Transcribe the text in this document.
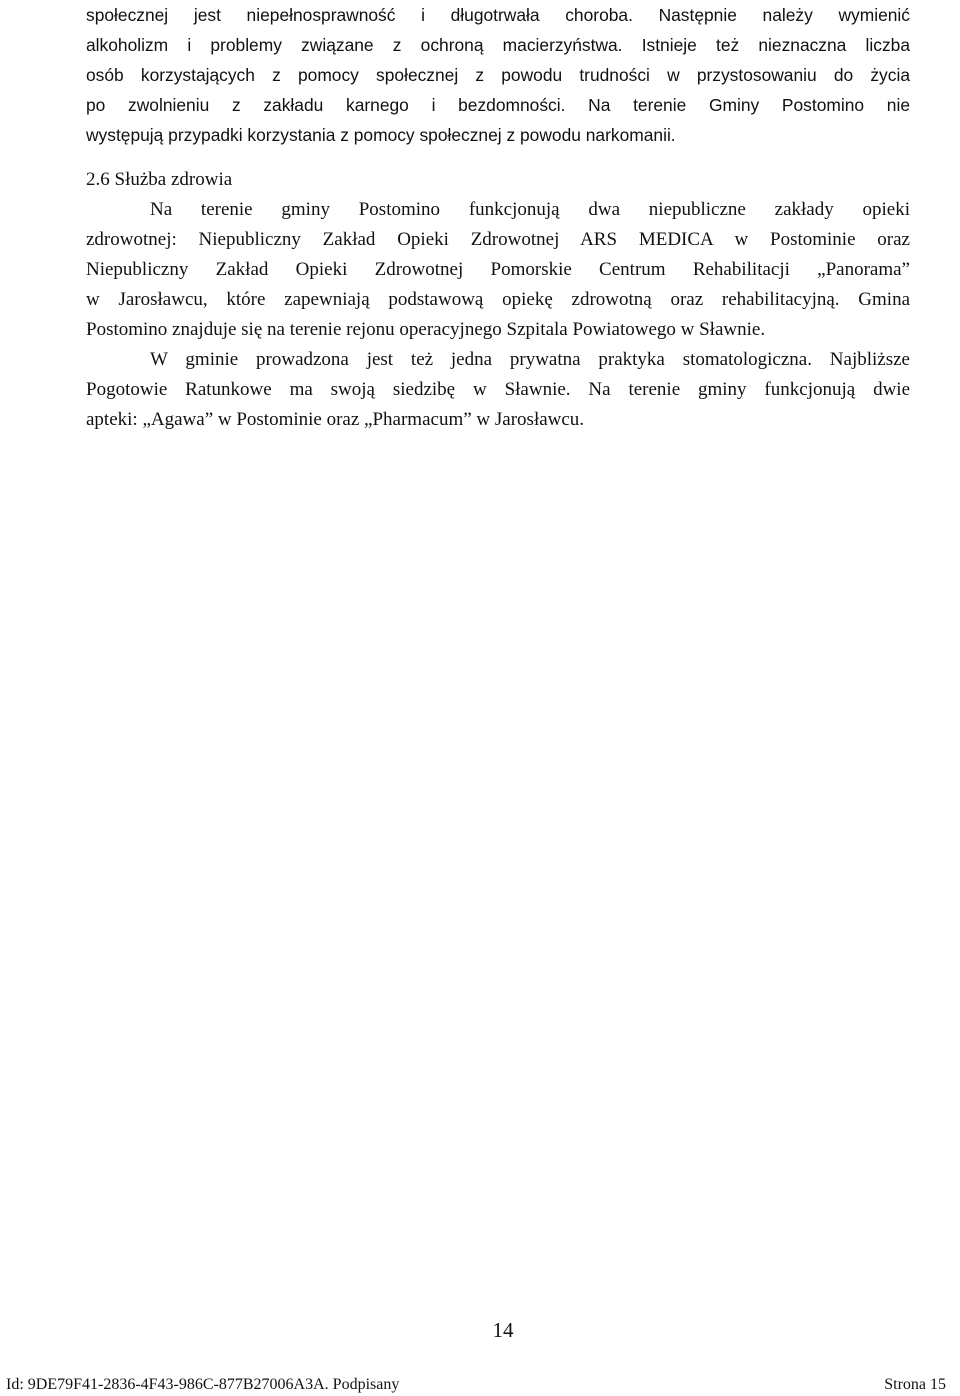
społecznej jest niepełnosprawność i długotrwała choroba. Następnie należy wymienić
alkoholizm i problemy związane z ochroną macierzyństwa. Istnieje też nieznaczna liczba
osób korzystających z pomocy społecznej z powodu trudności w przystosowaniu do życia
po zwolnieniu z zakładu karnego i bezdomności. Na terenie Gminy Postomino nie
występują przypadki korzystania z pomocy społecznej z powodu narkomanii.
2.6 Służba zdrowia
Na terenie gminy Postomino funkcjonują dwa niepubliczne zakłady opieki
zdrowotnej: Niepubliczny Zakład Opieki Zdrowotnej ARS MEDICA w Postominie oraz
Niepubliczny Zakład Opieki Zdrowotnej Pomorskie Centrum Rehabilitacji „Panorama”
w Jarosławcu, które zapewniają podstawową opiekę zdrowotną oraz rehabilitacyjną. Gmina
Postomino znajduje się na terenie rejonu operacyjnego Szpitala Powiatowego w Sławnie.
W gminie prowadzona jest też jedna prywatna praktyka stomatologiczna. Najbliższe
Pogotowie Ratunkowe ma swoją siedzibę w Sławnie. Na terenie gminy funkcjonują dwie
apteki: „Agawa” w Postominie oraz „Pharmacum” w Jarosławcu.
14
Id: 9DE79F41-2836-4F43-986C-877B27006A3A. Podpisany	Strona 15
